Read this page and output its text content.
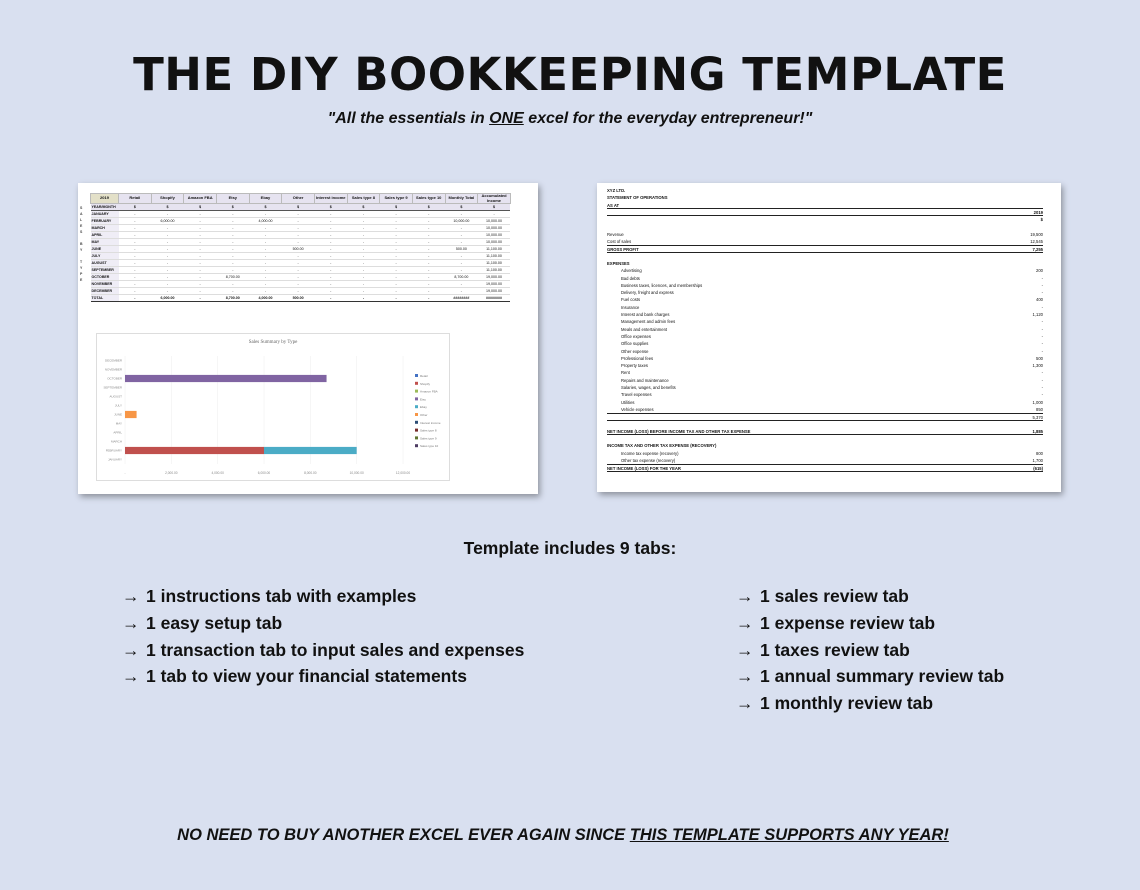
THE DIY BOOKKEEPING TEMPLATE
"All the essentials in ONE excel for the everyday entrepreneur!"
S
A
L
E
S

B
Y

T
Y
P
E
2019	Retail	Shopify	Amazon FBA	Etsy	Ebay	Other	Interest income	Sales type 8	Sales type 9	Sales type 10	Monthly Total	Accumulated Income
YEAR/MONTH	$	$	$	$	$	$	$	$	$	$	$	$
JANUARY	-	-	-	-	-	-	-	-	-	-	-	-
FEBRUARY	-	6,000.00	-	-	4,000.00	-	-	-	-	-	10,000.00	10,000.00
MARCH	-	-	-	-	-	-	-	-	-	-	-	10,000.00
APRIL	-	-	-	-	-	-	-	-	-	-	-	10,000.00
MAY	-	-	-	-	-	-	-	-	-	-	-	10,000.00
JUNE	-	-	-	-	-	500.00	-	-	-	-	500.00	11,100.00
JULY	-	-	-	-	-	-	-	-	-	-	-	11,100.00
AUGUST	-	-	-	-	-	-	-	-	-	-	-	11,100.00
SEPTEMBER	-	-	-	-	-	-	-	-	-	-	-	11,100.00
OCTOBER	-	-	-	8,700.00	-	-	-	-	-	-	8,700.00	19,000.00
NOVEMBER	-	-	-	-	-	-	-	-	-	-	-	19,000.00
DECEMBER	-	-	-	-	-	-	-	-	-	-	-	19,000.00
TOTAL	-	6,000.00	-	8,700.00	4,000.00	500.00	-	-	-	-	########	########
Sales Summary by Type
-	2,000.00	4,000.00	6,000.00	8,000.00	10,000.00	12,000.00
DECEMBER
NOVEMBER
OCTOBER
SEPTEMBER
AUGUST
JULY
JUNE
MAY
APRIL
MARCH
FEBRUARY
JANUARY
Retail
Shopify
Amazon FBA
Etsy
Ebay
Other
Interest income
Sales type 8
Sales type 9
Sales type 10
XYZ LTD.
STATEMENT OF OPERATIONS
AS AT
2019
$

Revenue	19,500
Cost of sales	12,545
GROSS PROFIT	7,255

EXPENSES
Advertising	200
Bad debts	-
Business taxes, licences, and memberships	-
Delivery, freight and express	-
Fuel costs	400
Insurance	-
Interest and bank charges	1,120
Management and admin fees	-
Meals and entertainment	-
Office expenses	-
Office supplies	-
Other expense	-
Professional fees	500
Property taxes	1,300
Rent	-
Repairs and maintenance	-
Salaries, wages, and benefits	-
Travel expenses	-
Utilities	1,000
Vehicle expenses	850
5,370

NET INCOME (LOSS) BEFORE INCOME TAX AND OTHER TAX EXPENSE	1,885

INCOME TAX AND OTHER TAX EXPENSE (RECOVERY)
Income tax expense (recovery)	800
Other tax expense (recovery)	1,700
NET INCOME (LOSS) FOR THE YEAR	(615)
Template includes 9 tabs:
→ 1 instructions tab with examples
→ 1 easy setup tab
→ 1 transaction tab to input sales and expenses
→ 1 tab to view your financial statements
→ 1 sales review tab
→ 1 expense review tab
→ 1 taxes review tab
→ 1 annual summary review tab
→ 1 monthly review tab
NO NEED TO BUY ANOTHER EXCEL EVER AGAIN SINCE THIS TEMPLATE SUPPORTS ANY YEAR!
